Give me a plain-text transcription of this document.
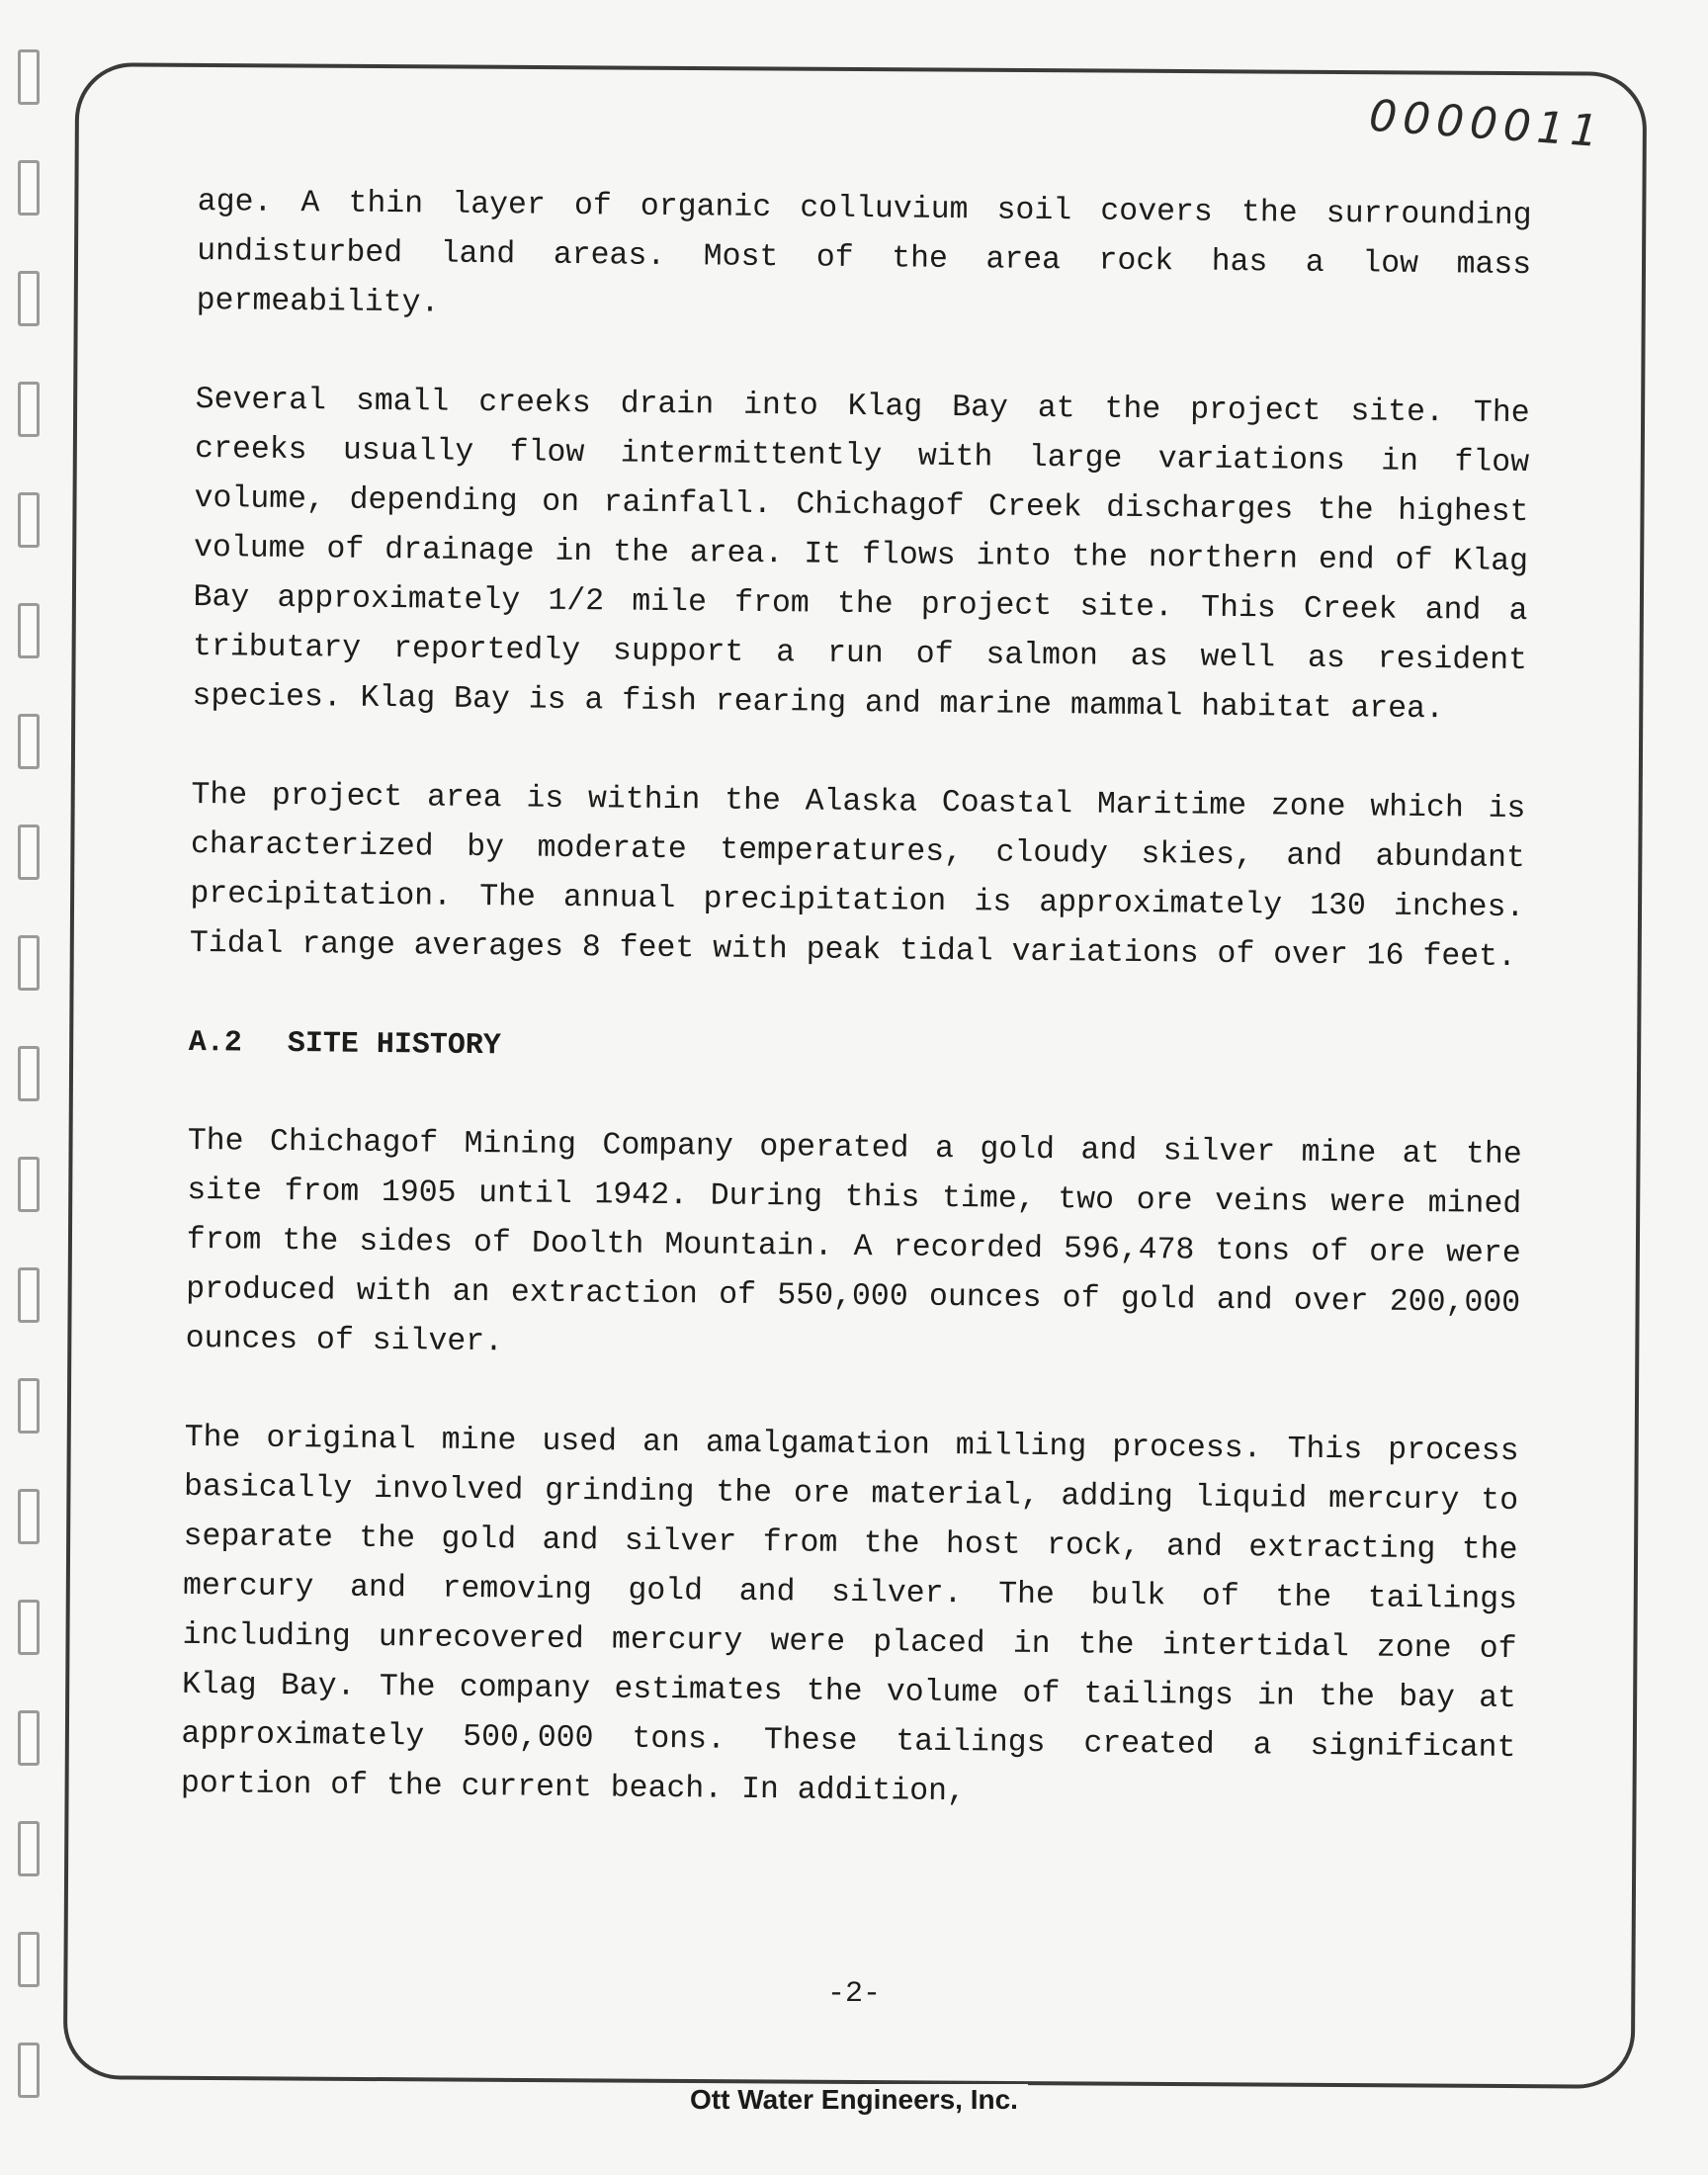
0000011

age. A thin layer of organic colluvium soil covers the surrounding undisturbed land areas. Most of the area rock has a low mass permeability.

Several small creeks drain into Klag Bay at the project site. The creeks usually flow intermittently with large variations in flow volume, depending on rainfall. Chichagof Creek discharges the highest volume of drainage in the area. It flows into the northern end of Klag Bay approximately 1/2 mile from the project site. This Creek and a tributary reportedly support a run of salmon as well as resident species. Klag Bay is a fish rearing and marine mammal habitat area.

The project area is within the Alaska Coastal Maritime zone which is characterized by moderate temperatures, cloudy skies, and abundant precipitation. The annual precipitation is approximately 130 inches. Tidal range averages 8 feet with peak tidal variations of over 16 feet.

A.2 SITE HISTORY

The Chichagof Mining Company operated a gold and silver mine at the site from 1905 until 1942. During this time, two ore veins were mined from the sides of Doolth Mountain. A recorded 596,478 tons of ore were produced with an extraction of 550,000 ounces of gold and over 200,000 ounces of silver.

The original mine used an amalgamation milling process. This process basically involved grinding the ore material, adding liquid mercury to separate the gold and silver from the host rock, and extracting the mercury and removing gold and silver. The bulk of the tailings including unrecovered mercury were placed in the intertidal zone of Klag Bay. The company estimates the volume of tailings in the bay at approximately 500,000 tons. These tailings created a significant portion of the current beach. In addition,

-2-
Ott Water Engineers, Inc.
